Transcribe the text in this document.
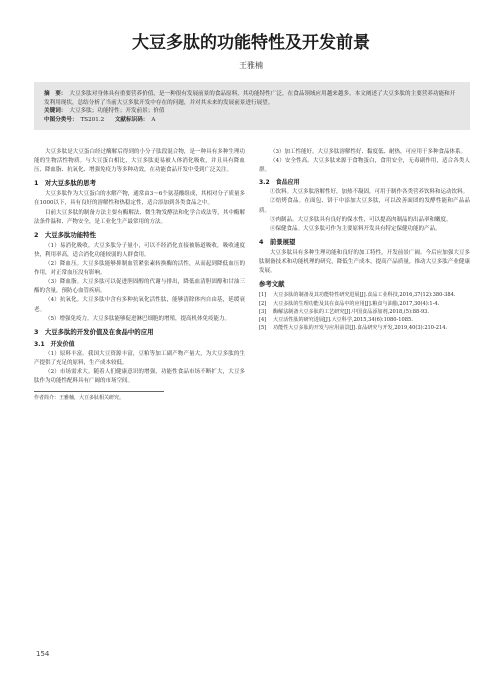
大豆多肽的功能特性及开发前景
王雅楠

摘　要： 大豆多肽对身体具有重要营养价值，是一种很有发展前景的食品原料，其功能特性广泛，在食品领域应用越来越多。本文阐述了大豆多肽的主要营养功能和开发利用现状，总结分析了当前大豆多肽开发中存在的问题，并对其未来的发展前景进行展望。

关键词： 大豆多肽；功能特性；开发前景；价值

中图分类号： TS201.2 文献标识码： A

大豆多肽是大豆蛋白经过酶解后得到的小分子肽段混合物，是一种具有多种生理功能的生物活性物质。与大豆蛋白相比，大豆多肽更易被人体消化吸收，并且具有降血压、降血脂、抗氧化、增强免疫力等多种功效，在功能食品开发中受到广泛关注。

1　对大豆多肽的思考

大豆多肽作为大豆蛋白的水解产物，通常由3～6个氨基酸组成，其相对分子质量多在1000以下，具有良好的溶解性和热稳定性，适合添加到各类食品之中。

目前大豆多肽的制备方法主要有酶解法、微生物发酵法和化学合成法等，其中酶解法条件温和、产物安全，是工业化生产最常用的方法。

2　大豆多肽功能特性

（1）易消化吸收。大豆多肽分子量小，可以不经消化直接被肠道吸收，吸收速度快，利用率高，适合消化功能较弱的人群食用。

（2）降血压。大豆多肽能够抑制血管紧张素转换酶的活性，从而起到降低血压的作用，对正常血压没有影响。

（3）降血脂。大豆多肽可以促进胆固醇的代谢与排出，降低血清胆固醇和甘油三酯的含量，预防心血管疾病。

（4）抗氧化。大豆多肽中含有多种抗氧化活性肽，能够清除体内自由基，延缓衰老。

（5）增强免疫力。大豆多肽能够促进淋巴细胞的增殖，提高机体免疫能力。

3　大豆多肽的开发价值及在食品中的应用
3.1　开发价值

（1）原料丰富。我国大豆资源丰富，豆粕等加工副产物产量大，为大豆多肽的生产提供了充足的原料，生产成本较低。

（2）市场需求大。随着人们健康意识的增强，功能性食品市场不断扩大，大豆多肽作为功能性配料具有广阔的市场空间。

作者简介：王雅楠，大豆多肽相关研究。

（3）加工性能好。大豆多肽溶解性好、黏度低、耐热，可应用于多种食品体系。

（4）安全性高。大豆多肽来源于食物蛋白，食用安全，无毒副作用，适合各类人群。

3.2　食品应用

①饮料。大豆多肽溶解性好，加热不凝固，可用于制作各类营养饮料和运动饮料。

②焙烤食品。在面包、饼干中添加大豆多肽，可以改善面团的发酵性能和产品品质。

③肉制品。大豆多肽具有良好的保水性，可以提高肉制品的出品率和嫩度。

④保健食品。大豆多肽可作为主要原料开发具有特定保健功能的产品。

4　前景展望

大豆多肽具有多种生理功能和良好的加工特性，开发前景广阔。今后应加强大豆多肽制备技术和功能机理的研究，降低生产成本，提高产品质量，推动大豆多肽产业健康发展。

参考文献
[1]	大豆多肽的制备及其功能特性研究进展[J].食品工业科技,2016,37(12):380-384.
[2]	大豆多肽的生理功能及其在食品中的应用[J].粮食与油脂,2017,30(4):1-4.
[3]	酶解法制备大豆多肽的工艺研究[J].中国食品添加剂,2018,(5):88-93.
[4]	大豆活性肽的研究进展[J].大豆科学,2015,34(6):1080-1085.
[5]	功能性大豆多肽的开发与应用前景[J].食品研究与开发,2019,40(3):210-214.
154
